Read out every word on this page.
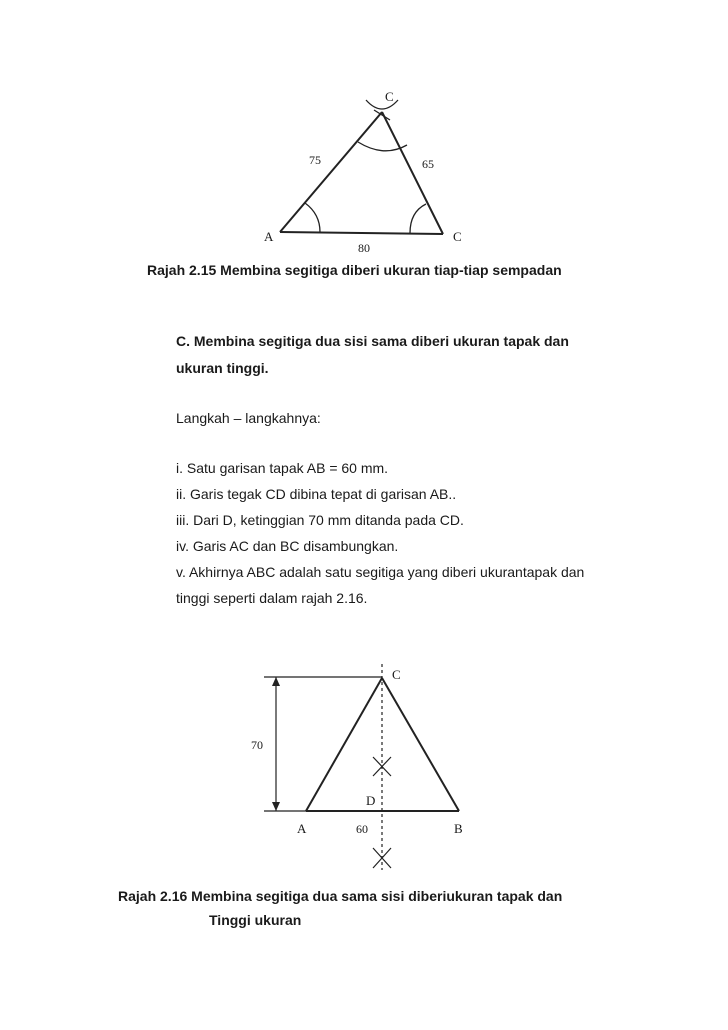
C
75	65
A	C
80
Rajah 2.15 Membina segitiga diberi ukuran tiap-tiap sempadan
C. Membina segitiga dua sisi sama diberi ukuran tapak dan
ukuran tinggi.
Langkah – langkahnya:
i. Satu garisan tapak AB = 60 mm.
ii. Garis tegak CD dibina tepat di garisan AB..
iii. Dari D, ketinggian 70 mm ditanda pada CD.
iv. Garis AC dan BC disambungkan.
v. Akhirnya ABC adalah satu segitiga yang diberi ukurantapak dan
tinggi seperti dalam rajah 2.16.
C
70
D
A	60	B
Rajah 2.16 Membina segitiga dua sama sisi diberiukuran tapak dan
Tinggi ukuran
